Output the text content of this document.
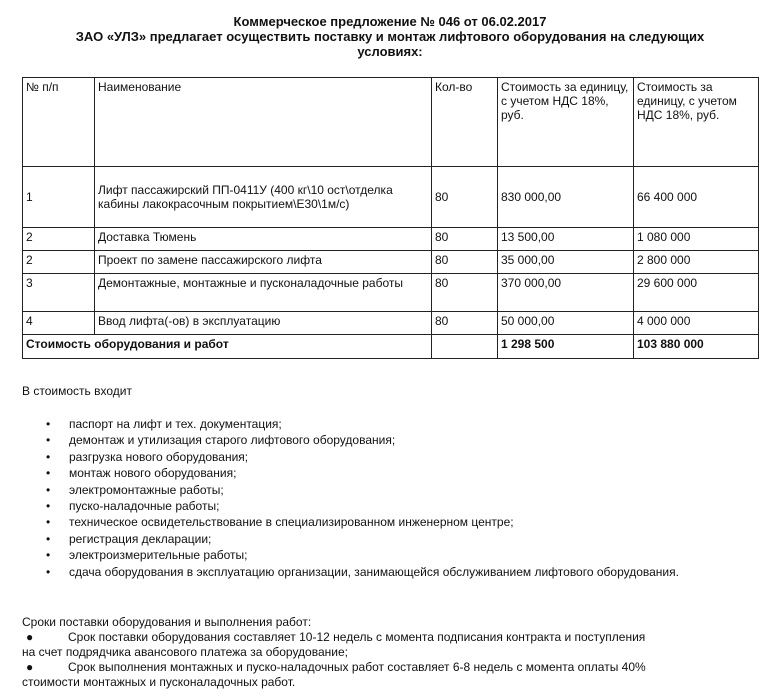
Коммерческое предложение № 046 от 06.02.2017
ЗАО «УЛЗ» предлагает осуществить поставку и монтаж лифтового оборудования на следующих
условиях:
№ п/п	Наименование	Кол-во	Стоимость за единицу, с учетом НДС 18%, руб.	Стоимость за единицу, с учетом НДС 18%, руб.
1	Лифт пассажирский ПП-0411У (400 кг\10 ост\отделка кабины лакокрасочным покрытием\Е30\1м/с)	80	830 000,00	66 400 000
2	Доставка Тюмень	80	13 500,00	1 080 000
2	Проект по замене пассажирского лифта	80	35 000,00	2 800 000
3	Демонтажные, монтажные и пусконаладочные работы	80	370 000,00	29 600 000
4	Ввод лифта(-ов) в эксплуатацию	80	50 000,00	4 000 000
Стоимость оборудования и работ			1 298 500	103 880 000
В стоимость входит
• паспорт на лифт и тех. документация;
• демонтаж и утилизация старого лифтового оборудования;
• разгрузка нового оборудования;
• монтаж нового оборудования;
• электромонтажные работы;
• пуско-наладочные работы;
• техническое освидетельствование в специализированном инженерном центре;
• регистрация декларации;
• электроизмерительные работы;
• сдача оборудования в эксплуатацию организации, занимающейся обслуживанием лифтового оборудования.
Сроки поставки оборудования и выполнения работ:
●	Срок поставки оборудования составляет 10-12 недель с момента подписания контракта и поступления
на счет подрядчика авансового платежа за оборудование;
●	Срок выполнения монтажных и пуско-наладочных работ составляет 6-8 недель с момента оплаты 40%
стоимости монтажных и пусконаладочных работ.
